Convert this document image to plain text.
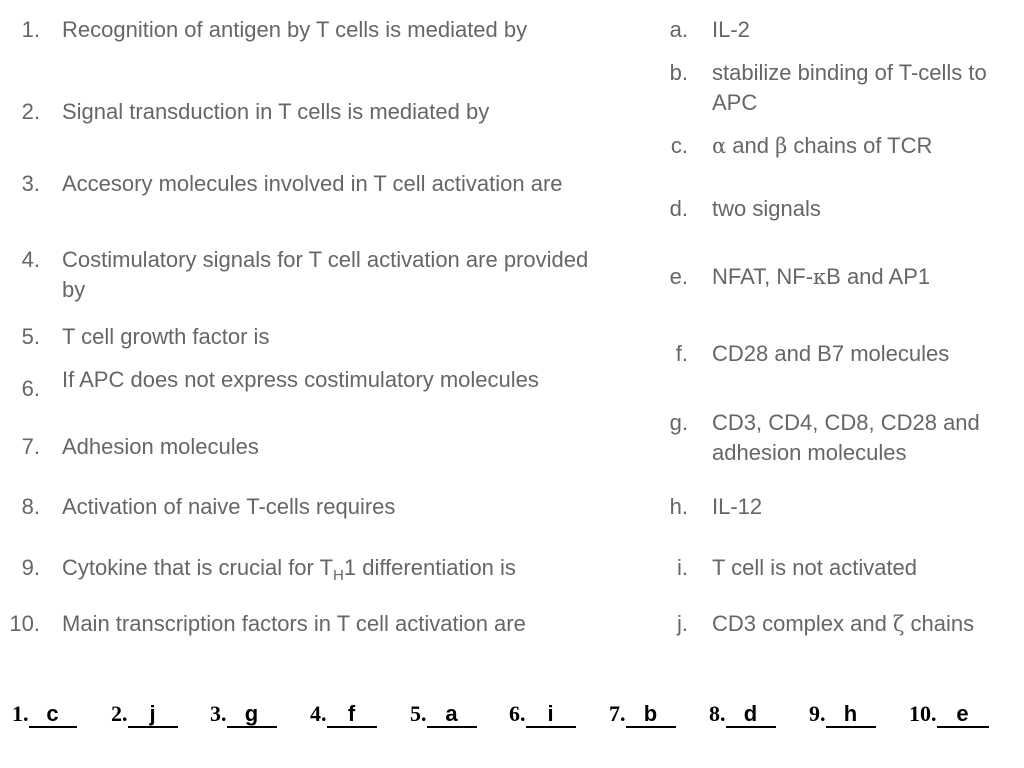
1. Recognition of antigen by T cells is mediated by
2. Signal transduction in T cells is mediated by
3. Accesory molecules involved in T cell activation are
4. Costimulatory signals for T cell activation are provided by
5. T cell growth factor is
6. If APC does not express costimulatory molecules
7. Adhesion molecules
8. Activation of naive T-cells requires
9. Cytokine that is crucial for $T_H1$ differentiation is
10. Main transcription factors in T cell activation are
a. IL-2
b. stabilize binding of T-cells to APC
c. α and β chains of TCR
d. two signals
e. NFAT, NF-κB and AP1
f. CD28 and B7 molecules
g. CD3, CD4, CD8, CD28 and adhesion molecules
h. IL-12
i. T cell is not activated
j. CD3 complex and ζ chains
1. c	2. j	3. g	4. f	5. a	6. i	7. b	8. d	9. h	10. e
